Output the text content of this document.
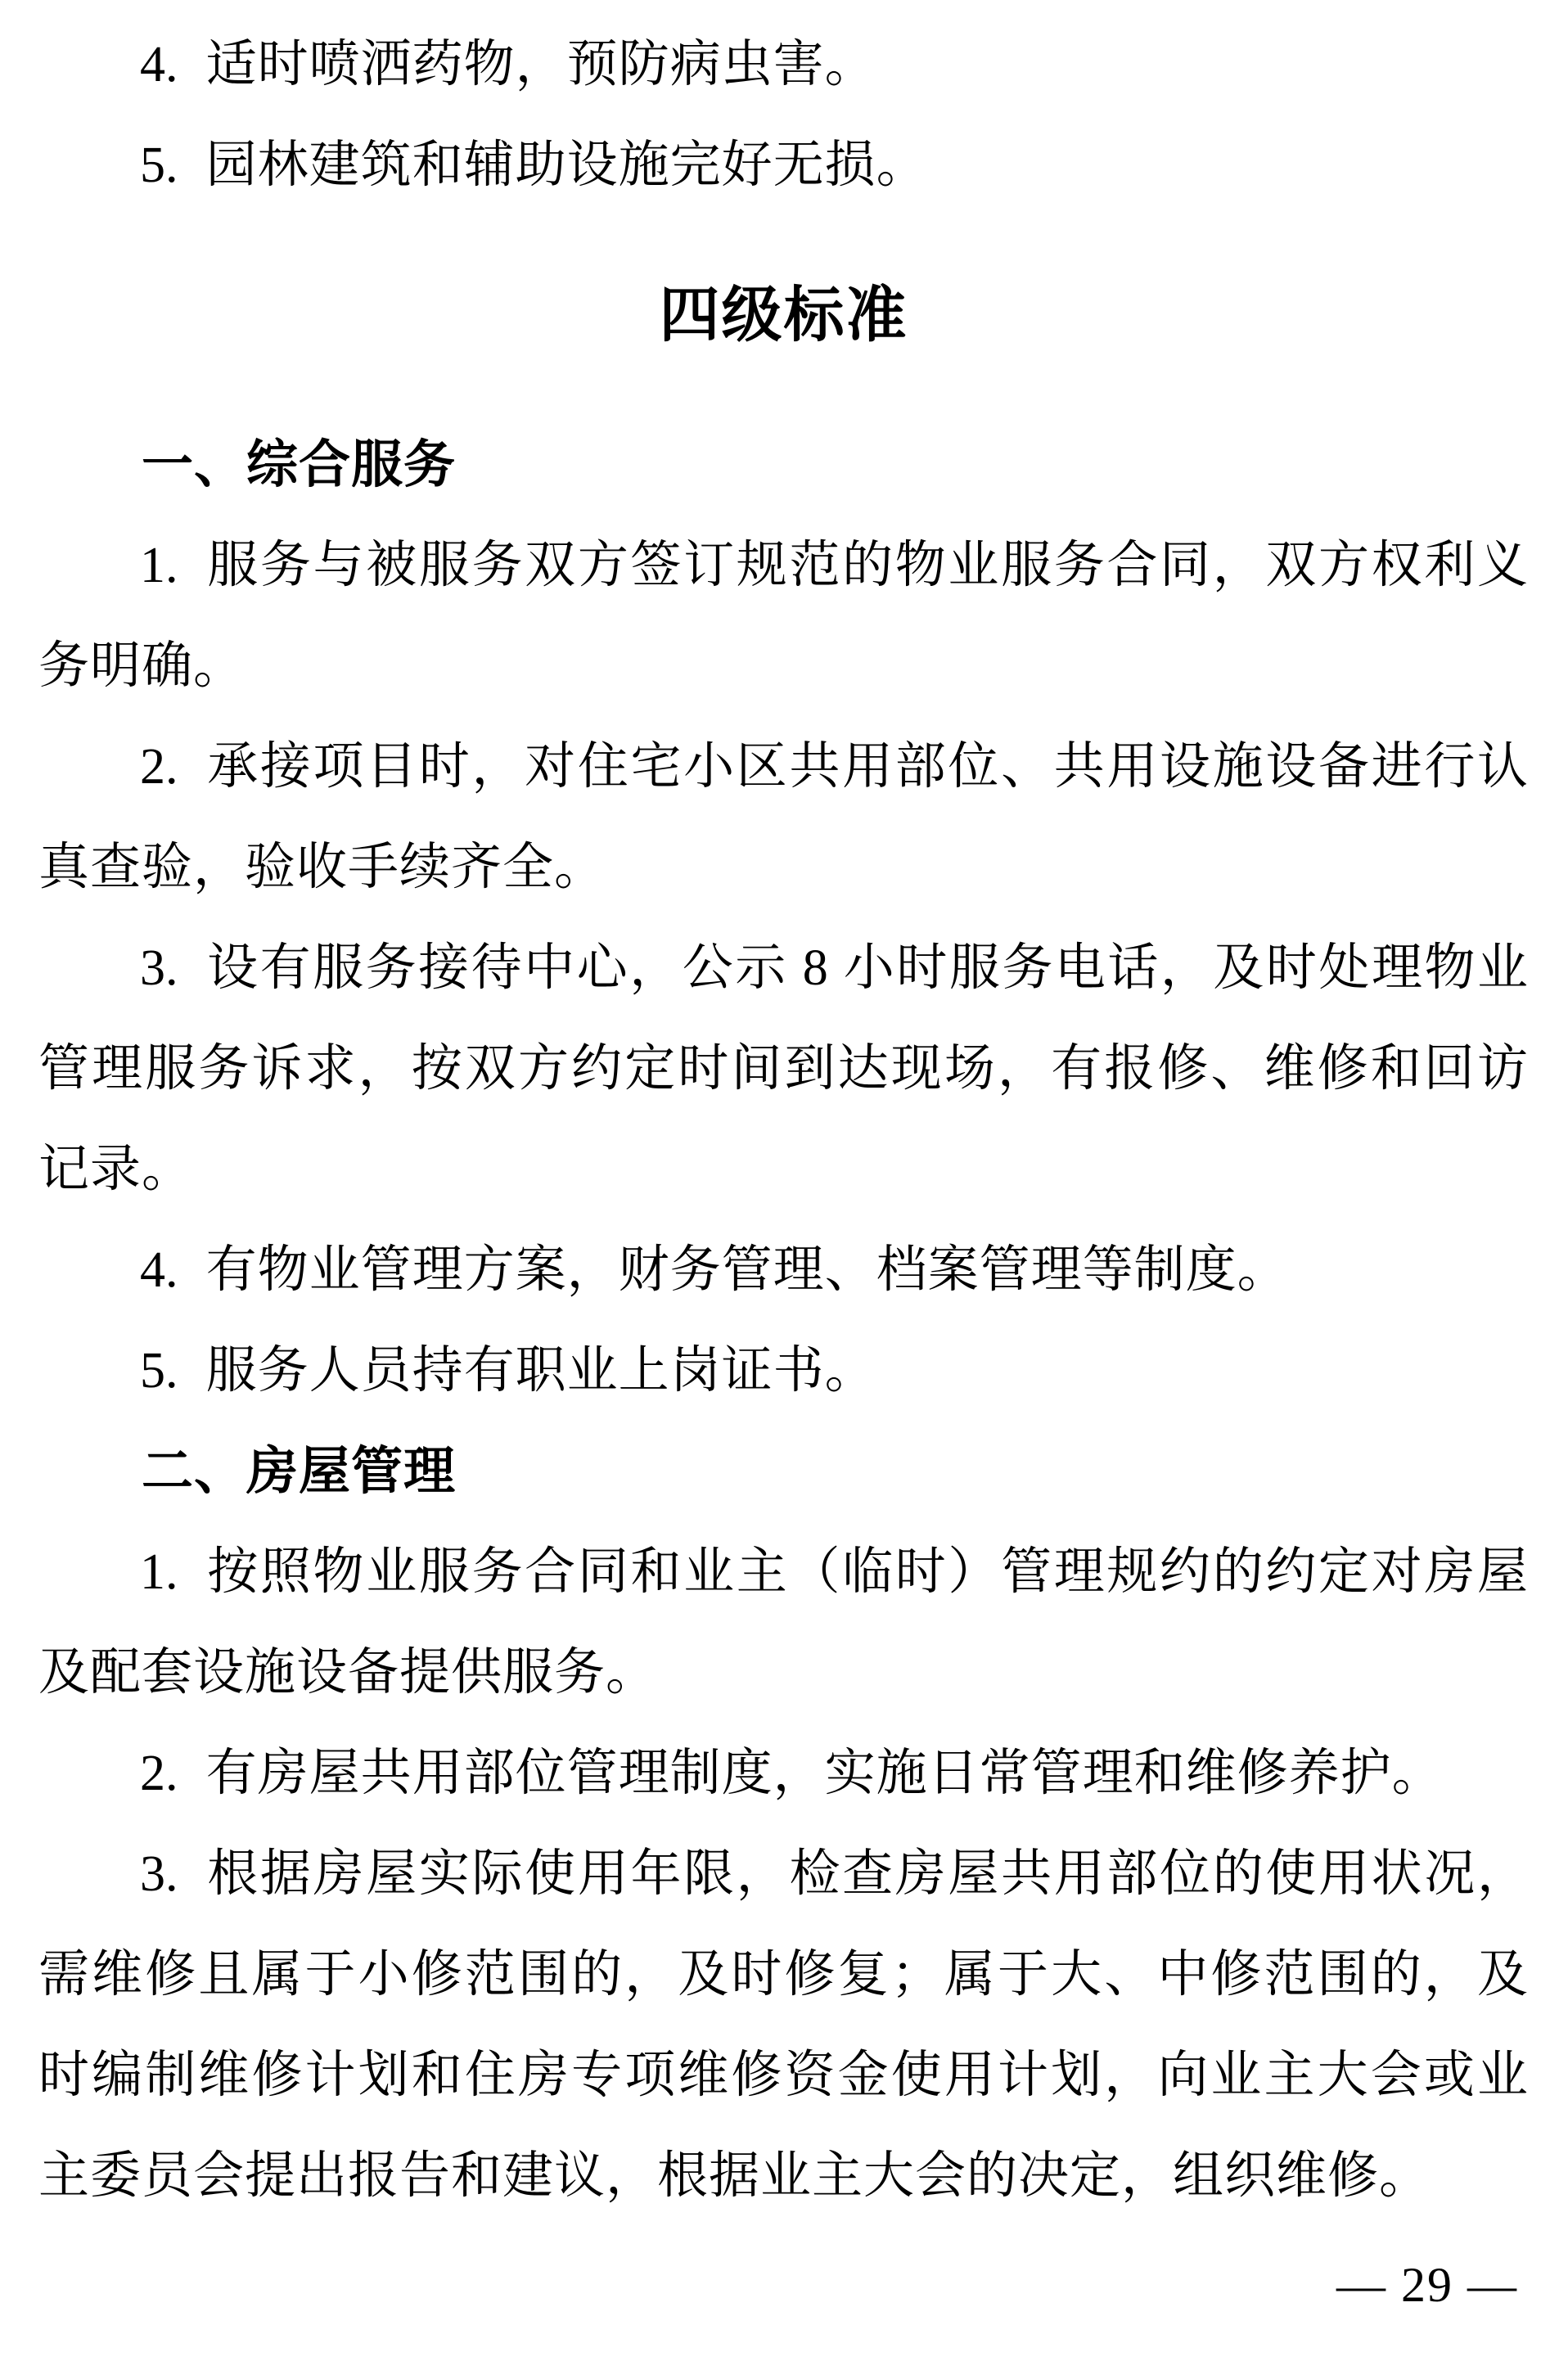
4. 适时喷洒药物，预防病虫害。

5. 园林建筑和辅助设施完好无损。

四级标准
一、综合服务

1. 服务与被服务双方签订规范的物业服务合同，双方权利义务明确。

2. 承接项目时，对住宅小区共用部位、共用设施设备进行认真查验，验收手续齐全。

3. 设有服务接待中心，公示 8 小时服务电话，及时处理物业管理服务诉求，按双方约定时间到达现场，有报修、维修和回访记录。

4. 有物业管理方案，财务管理、档案管理等制度。

5. 服务人员持有职业上岗证书。

二、房屋管理

1. 按照物业服务合同和业主（临时）管理规约的约定对房屋及配套设施设备提供服务。

2. 有房屋共用部位管理制度，实施日常管理和维修养护。

3. 根据房屋实际使用年限，检查房屋共用部位的使用状况，需维修且属于小修范围的，及时修复；属于大、中修范围的，及时编制维修计划和住房专项维修资金使用计划，向业主大会或业主委员会提出报告和建议，根据业主大会的决定，组织维修。

— 29 —
